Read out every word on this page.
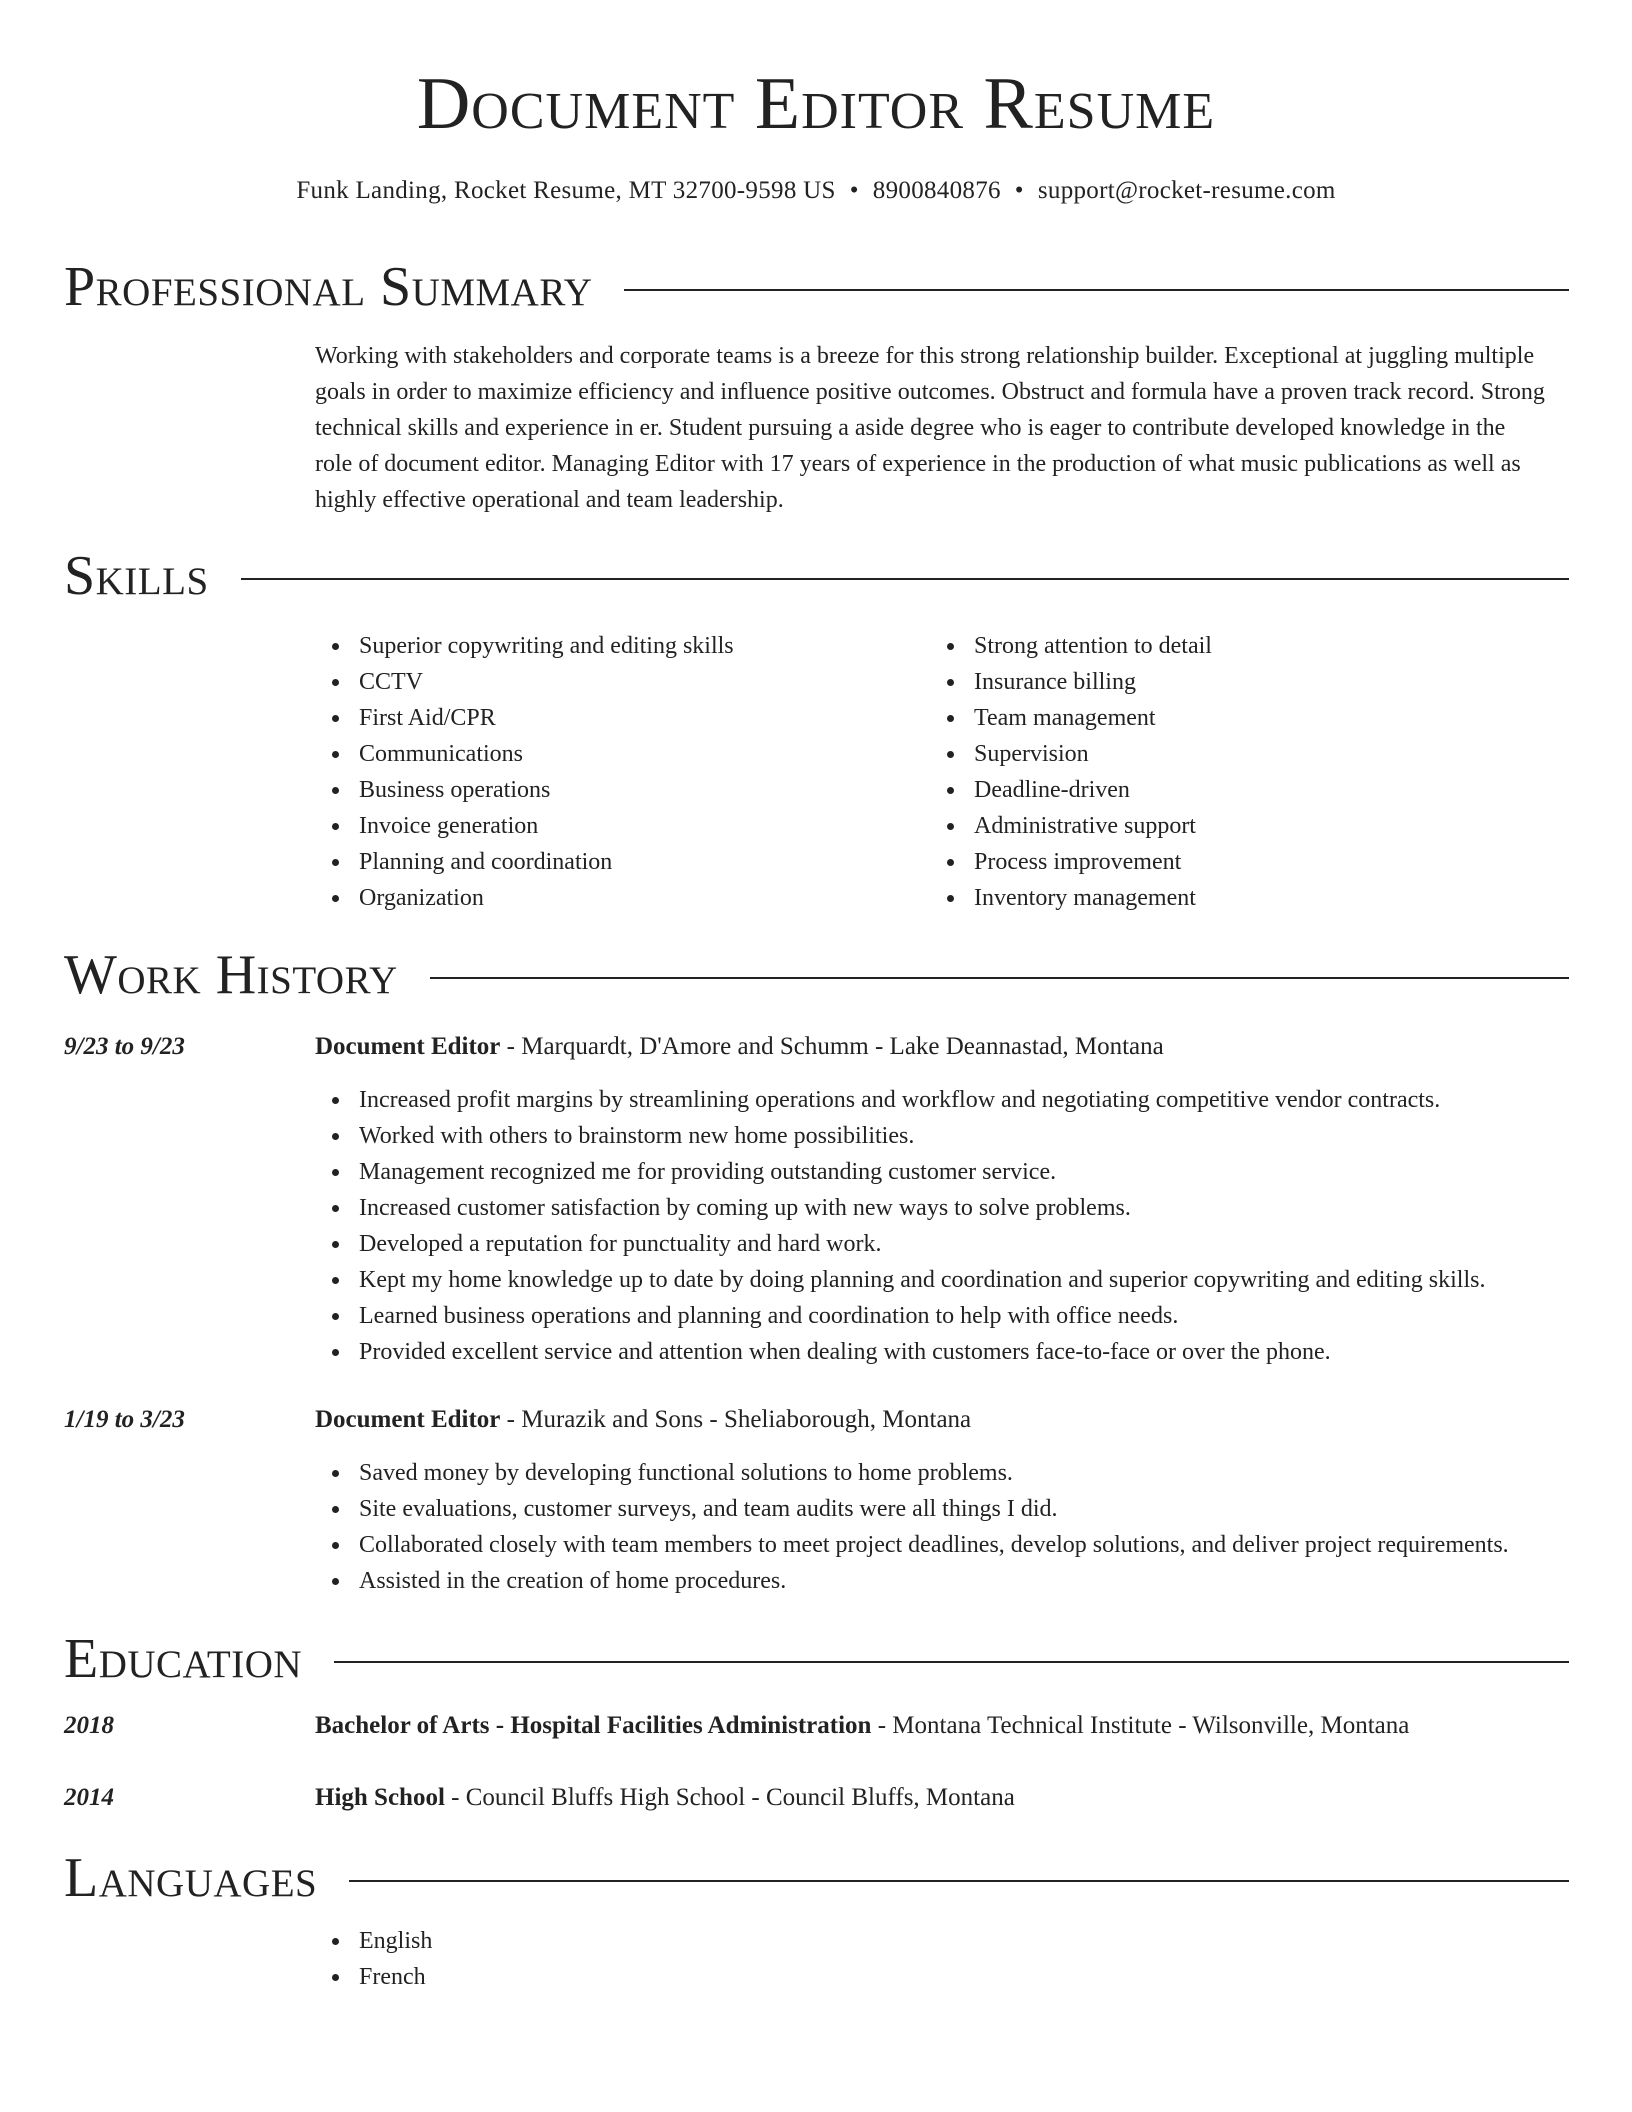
Document Editor Resume
Funk Landing, Rocket Resume, MT 32700-9598 US • 8900840876 • support@rocket-resume.com
Professional Summary

Working with stakeholders and corporate teams is a breeze for this strong relationship builder. Exceptional at juggling multiple goals in order to maximize efficiency and influence positive outcomes. Obstruct and formula have a proven track record. Strong technical skills and experience in er. Student pursuing a aside degree who is eager to contribute developed knowledge in the role of document editor. Managing Editor with 17 years of experience in the production of what music publications as well as highly effective operational and team leadership.

Skills
Superior copywriting and editing skills
CCTV
First Aid/CPR
Communications
Business operations
Invoice generation
Planning and coordination
Organization
Strong attention to detail
Insurance billing
Team management
Supervision
Deadline-driven
Administrative support
Process improvement
Inventory management
Work History
9/23 to 9/23	Document Editor - Marquardt, D'Amore and Schumm - Lake Deannastad, Montana
Increased profit margins by streamlining operations and workflow and negotiating competitive vendor contracts.
Worked with others to brainstorm new home possibilities.
Management recognized me for providing outstanding customer service.
Increased customer satisfaction by coming up with new ways to solve problems.
Developed a reputation for punctuality and hard work.
Kept my home knowledge up to date by doing planning and coordination and superior copywriting and editing skills.
Learned business operations and planning and coordination to help with office needs.
Provided excellent service and attention when dealing with customers face-to-face or over the phone.
1/19 to 3/23	Document Editor - Murazik and Sons - Sheliaborough, Montana
Saved money by developing functional solutions to home problems.
Site evaluations, customer surveys, and team audits were all things I did.
Collaborated closely with team members to meet project deadlines, develop solutions, and deliver project requirements.
Assisted in the creation of home procedures.
Education
2018	Bachelor of Arts - Hospital Facilities Administration - Montana Technical Institute - Wilsonville, Montana
2014	High School - Council Bluffs High School - Council Bluffs, Montana
Languages
English
French
